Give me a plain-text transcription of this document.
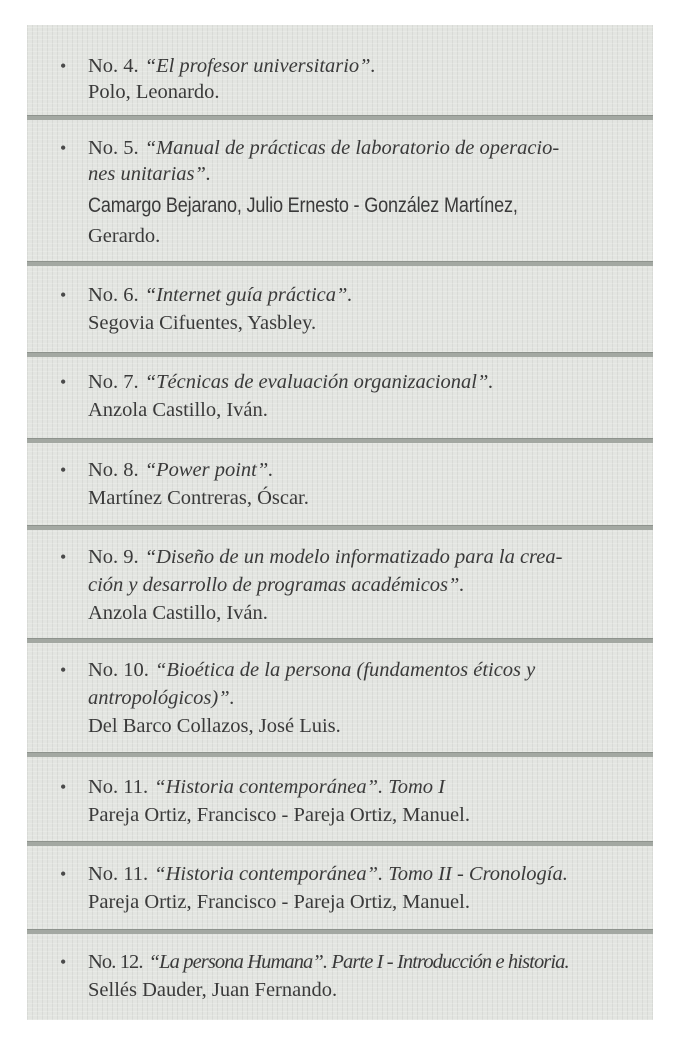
• No. 4. “El profesor universitario”.
Polo, Leonardo.
• No. 5. “Manual de prácticas de laboratorio de operacio-
nes unitarias”.
Camargo Bejarano, Julio Ernesto - González Martínez,
Gerardo.
• No. 6. “Internet guía práctica”.
Segovia Cifuentes, Yasbley.
• No. 7. “Técnicas de evaluación organizacional”.
Anzola Castillo, Iván.
• No. 8. “Power point”.
Martínez Contreras, Óscar.
• No. 9. “Diseño de un modelo informatizado para la crea-
ción y desarrollo de programas académicos”.
Anzola Castillo, Iván.
• No. 10. “Bioética de la persona (fundamentos éticos y
antropológicos)”.
Del Barco Collazos, José Luis.
• No. 11. “Historia contemporánea”. Tomo I
Pareja Ortiz, Francisco - Pareja Ortiz, Manuel.
• No. 11. “Historia contemporánea”. Tomo II - Cronología.
Pareja Ortiz, Francisco - Pareja Ortiz, Manuel.
• No. 12. “La persona Humana”. Parte I - Introducción e historia.
Sellés Dauder, Juan Fernando.
